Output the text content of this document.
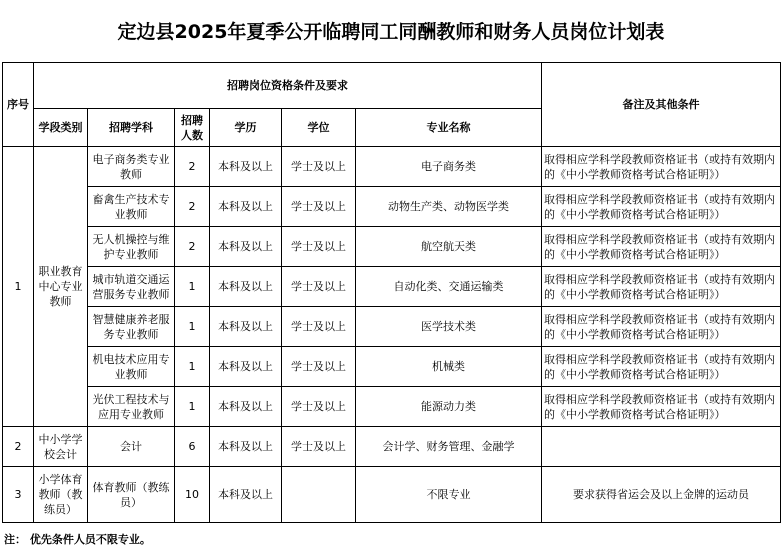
定边县2025年夏季公开临聘同工同酬教师和财务人员岗位计划表
序号	招聘岗位资格条件及要求						备注及其他条件
	学段类别	招聘学科	招聘人数	学历	学位	专业名称	
1	职业教育中心专业教师	电子商务类专业教师	2	本科及以上	学士及以上	电子商务类	取得相应学科学段教师资格证书（或持有效期内的《中小学教师资格考试合格证明》）
		畜禽生产技术专业教师	2	本科及以上	学士及以上	动物生产类、动物医学类	取得相应学科学段教师资格证书（或持有效期内的《中小学教师资格考试合格证明》）
		无人机操控与维护专业教师	2	本科及以上	学士及以上	航空航天类	取得相应学科学段教师资格证书（或持有效期内的《中小学教师资格考试合格证明》）
		城市轨道交通运营服务专业教师	1	本科及以上	学士及以上	自动化类、交通运输类	取得相应学科学段教师资格证书（或持有效期内的《中小学教师资格考试合格证明》）
		智慧健康养老服务专业教师	1	本科及以上	学士及以上	医学技术类	取得相应学科学段教师资格证书（或持有效期内的《中小学教师资格考试合格证明》）
		机电技术应用专业教师	1	本科及以上	学士及以上	机械类	取得相应学科学段教师资格证书（或持有效期内的《中小学教师资格考试合格证明》）
		光伏工程技术与应用专业教师	1	本科及以上	学士及以上	能源动力类	取得相应学科学段教师资格证书（或持有效期内的《中小学教师资格考试合格证明》）
2	中小学学校会计	会计	6	本科及以上	学士及以上	会计学、财务管理、金融学	
3	小学体育教师（教练员）	体育教师（教练员）	10	本科及以上		不限专业	要求获得省运会及以上金牌的运动员
注： 优先条件人员不限专业。
